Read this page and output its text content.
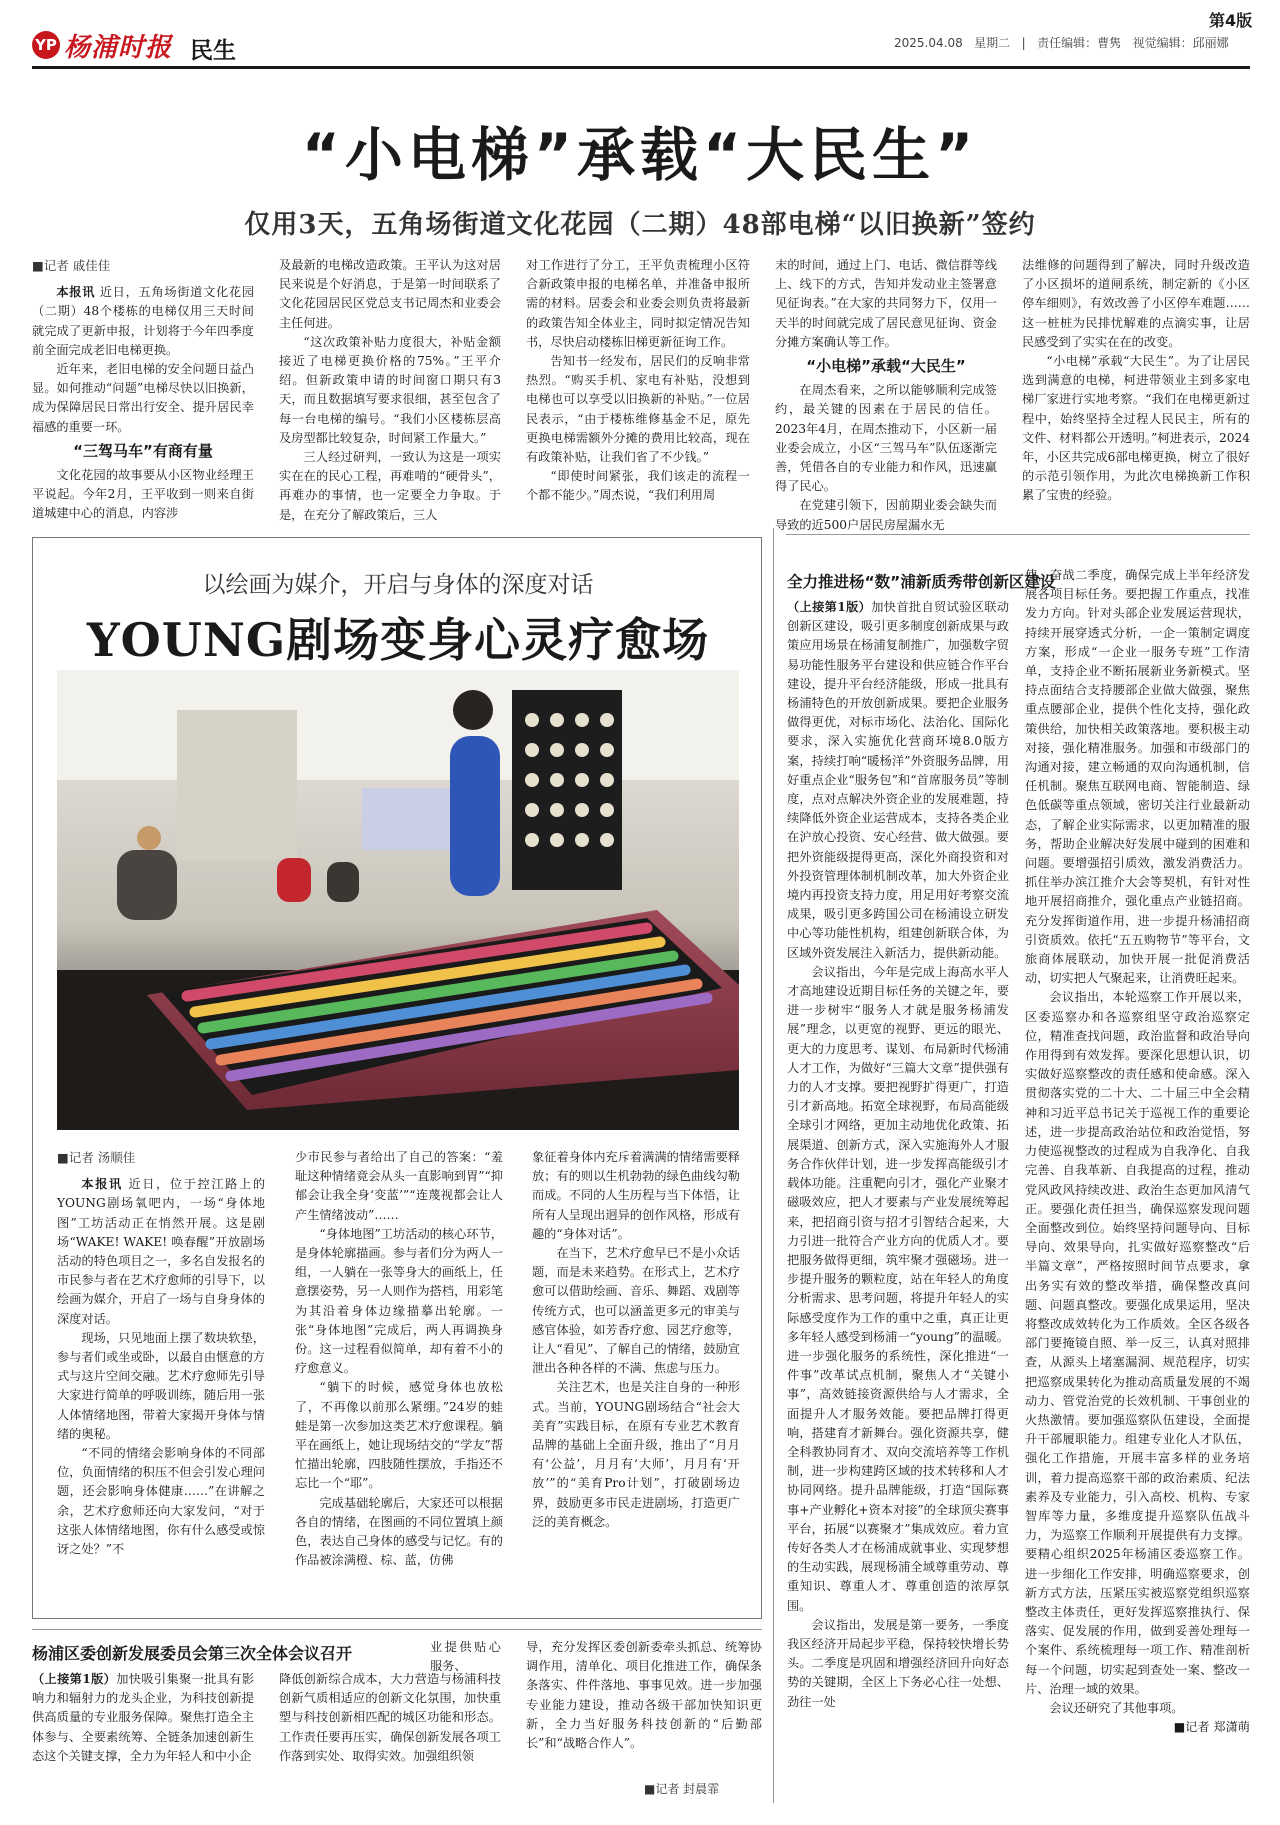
YP 杨浦时报 民生
第4版
2025.04.08 星期二 | 责任编辑：曹隽 视觉编辑：邱丽娜
“小电梯”承载“大民生”
仅用3天，五角场街道文化花园（二期）48部电梯“以旧换新”签约
■记者 戚佳佳

本报讯 近日，五角场街道文化花园（二期）48个楼栋的电梯仅用三天时间就完成了更新申报，计划将于今年四季度前全面完成老旧电梯更换。

近年来，老旧电梯的安全问题日益凸显。如何推动“问题”电梯尽快以旧换新，成为保障居民日常出行安全、提升居民幸福感的重要一环。

“三驾马车”有商有量

文化花园的故事要从小区物业经理王平说起。今年2月，王平收到一则来自街道城建中心的消息，内容涉

及最新的电梯改造政策。王平认为这对居民来说是个好消息，于是第一时间联系了文化花园居民区党总支书记周杰和业委会主任何进。

“这次政策补贴力度很大，补贴金额接近了电梯更换价格的75%。”王平介绍。但新政策申请的时间窗口期只有3天，而且数据填写要求很细，甚至包含了每一台电梯的编号。“我们小区楼栋层高及房型都比较复杂，时间紧工作量大。”

三人经过研判，一致认为这是一项实实在在的民心工程，再难啃的“硬骨头”，再难办的事情，也一定要全力争取。于是，在充分了解政策后，三人

对工作进行了分工，王平负责梳理小区符合新政策申报的电梯名单，并准备申报所需的材料。居委会和业委会则负责将最新的政策告知全体业主，同时拟定情况告知书，尽快启动楼栋旧梯更新征询工作。

告知书一经发布，居民们的反响非常热烈。“购买手机、家电有补贴，没想到电梯也可以享受以旧换新的补贴。”一位居民表示，“由于楼栋维修基金不足，原先更换电梯需额外分摊的费用比较高，现在有政策补贴，让我们省了不少钱。”

“即使时间紧张，我们该走的流程一个都不能少。”周杰说，“我们利用周

末的时间，通过上门、电话、微信群等线上、线下的方式，告知并发动业主签署意见征询表。”在大家的共同努力下，仅用一天半的时间就完成了居民意见征询、资金分摊方案确认等工作。

“小电梯”承载“大民生”

在周杰看来，之所以能够顺利完成签约，最关键的因素在于居民的信任。2023年4月，在周杰推动下，小区新一届业委会成立，小区“三驾马车”队伍逐渐完善，凭借各自的专业能力和作风，迅速赢得了民心。

在党建引领下，因前期业委会缺失而导致的近500户居民房屋漏水无

法维修的问题得到了解决，同时升级改造了小区损坏的道闸系统，制定新的《小区停车细则》，有效改善了小区停车难题……这一桩桩为民排忧解难的点滴实事，让居民感受到了实实在在的改变。

“小电梯”承载“大民生”。为了让居民选到满意的电梯，柯进带领业主到多家电梯厂家进行实地考察。“我们在电梯更新过程中，始终坚持全过程人民民主，所有的文件、材料都公开透明。”柯进表示，2024年，小区共完成6部电梯更换，树立了很好的示范引领作用，为此次电梯换新工作积累了宝贵的经验。

以绘画为媒介，开启与身体的深度对话
YOUNG剧场变身心灵疗愈场
■记者 汤顺佳

本报讯 近日，位于控江路上的YOUNG剧场氧吧内，一场“身体地图”工坊活动正在悄然开展。这是剧场“WAKE! WAKE! 唤春醒”开放剧场活动的特色项目之一，多名自发报名的市民参与者在艺术疗愈师的引导下，以绘画为媒介，开启了一场与自身身体的深度对话。

现场，只见地面上摆了数块软垫，参与者们或坐或卧，以最自由惬意的方式与这片空间交融。艺术疗愈师先引导大家进行简单的呼吸训练，随后用一张人体情绪地图，带着大家揭开身体与情绪的奥秘。

“不同的情绪会影响身体的不同部位，负面情绪的积压不但会引发心理问题，还会影响身体健康……”在讲解之余，艺术疗愈师还向大家发问，“对于这张人体情绪地图，你有什么感受或惊讶之处？”不

少市民参与者给出了自己的答案：“羞耻这种情绪竟会从头一直影响到胃”“抑郁会让我全身‘变蓝’”“连蔑视都会让人产生情绪波动”……

“身体地图”工坊活动的核心环节，是身体轮廓描画。参与者们分为两人一组，一人躺在一张等身大的画纸上，任意摆姿势，另一人则作为搭档，用彩笔为其沿着身体边缘描摹出轮廓。一张“身体地图”完成后，两人再调换身份。这一过程看似简单，却有着不小的疗愈意义。

“躺下的时候，感觉身体也放松了，不再像以前那么紧绷。”24岁的蛙蛙是第一次参加这类艺术疗愈课程。躺平在画纸上，她让现场结交的“学友”帮忙描出轮廓，四肢随性摆放，手指还不忘比一个“耶”。

完成基础轮廓后，大家还可以根据各自的情绪，在图画的不同位置填上颜色，表达自己身体的感受与记忆。有的作品被涂满橙、棕、蓝，仿佛

象征着身体内充斥着满满的情绪需要释放；有的则以生机勃勃的绿色曲线勾勒而成。不同的人生历程与当下体悟，让所有人呈现出迥异的创作风格，形成有趣的“身体对话”。

在当下，艺术疗愈早已不是小众话题，而是未来趋势。在形式上，艺术疗愈可以借助绘画、音乐、舞蹈、戏剧等传统方式，也可以涵盖更多元的审美与感官体验，如芳香疗愈、园艺疗愈等，让人“看见”、了解自己的情绪，鼓励宣泄出各种各样的不满、焦虑与压力。

关注艺术，也是关注自身的一种形式。当前，YOUNG剧场结合“社会大美育”实践目标，在原有专业艺术教育品牌的基础上全面升级，推出了“月月有‘公益’，月月有‘大师’，月月有‘开放’”的“美育Pro计划”，打破剧场边界，鼓励更多市民走进剧场，打造更广泛的美育概念。

全力推进杨“数”浦新质秀带创新区建设

（上接第1版）加快首批自贸试验区联动创新区建设，吸引更多制度创新成果与政策应用场景在杨浦复制推广，加强数字贸易功能性服务平台建设和供应链合作平台建设，提升平台经济能级，形成一批具有杨浦特色的开放创新成果。要把企业服务做得更优，对标市场化、法治化、国际化要求，深入实施优化营商环境8.0版方案，持续打响“暖杨洋”外资服务品牌，用好重点企业“服务包”和“首席服务员”等制度，点对点解决外资企业的发展难题，持续降低外资企业运营成本，支持各类企业在沪放心投资、安心经营、做大做强。要把外资能级提得更高，深化外商投资和对外投资管理体制机制改革，加大外资企业境内再投资支持力度，用足用好考察交流成果，吸引更多跨国公司在杨浦设立研发中心等功能性机构，组建创新联合体，为区域外资发展注入新活力，提供新动能。

会议指出，今年是完成上海高水平人才高地建设近期目标任务的关键之年，要进一步树牢“服务人才就是服务杨浦发展”理念，以更宽的视野、更远的眼光、更大的力度思考、谋划、布局新时代杨浦人才工作，为做好“三篇大文章”提供强有力的人才支撑。要把视野扩得更广，打造引才新高地。拓宽全球视野，布局高能级全球引才网络，更加主动地优化政策、拓展渠道、创新方式，深入实施海外人才服务合作伙伴计划，进一步发挥高能级引才载体功能。注重靶向引才，强化产业聚才磁吸效应，把人才要素与产业发展统筹起来，把招商引资与招才引智结合起来，大力引进一批符合产业方向的优质人才。要把服务做得更细，筑牢聚才强磁场。进一步提升服务的颗粒度，站在年轻人的角度分析需求、思考问题，将提升年轻人的实际感受度作为工作的重中之重，真正让更多年轻人感受到杨浦一“young”的温暖。进一步强化服务的系统性，深化推进“一件事”改革试点机制，聚焦人才“关键小事”，高效链接资源供给与人才需求，全面提升人才服务效能。要把品牌打得更响，搭建育才新舞台。强化资源共享，健全科教协同育才、双向交流培养等工作机制，进一步构建跨区域的技术转移和人才协同网络。提升品牌能级，打造“国际赛事+产业孵化+资本对接”的全球顶尖赛事平台，拓展“以赛聚才”集成效应。着力宣传好各类人才在杨浦成就事业、实现梦想的生动实践，展现杨浦全域尊重劳动、尊重知识、尊重人才、尊重创造的浓厚氛围。

会议指出，发展是第一要务，一季度我区经济开局起步平稳，保持较快增长势头。二季度是巩固和增强经济回升向好态势的关键期，全区上下务必心往一处想、劲往一处

使，奋战二季度，确保完成上半年经济发展各项目标任务。要把握工作重点，找准发力方向。针对头部企业发展运营现状，持续开展穿透式分析，一企一策制定调度方案，形成“一企业一服务专班”工作清单，支持企业不断拓展新业务新模式。坚持点面结合支持腰部企业做大做强，聚焦重点腰部企业，提供个性化支持，强化政策供给，加快相关政策落地。要积极主动对接，强化精准服务。加强和市级部门的沟通对接，建立畅通的双向沟通机制，信任机制。聚焦互联网电商、智能制造、绿色低碳等重点领域，密切关注行业最新动态，了解企业实际需求，以更加精准的服务，帮助企业解决好发展中碰到的困难和问题。要增强招引质效，激发消费活力。抓住举办滨江推介大会等契机，有针对性地开展招商推介，强化重点产业链招商。充分发挥街道作用，进一步提升杨浦招商引资质效。依托“五五购物节”等平台，文旅商体展联动，加快开展一批促消费活动，切实把人气聚起来，让消费旺起来。

会议指出，本轮巡察工作开展以来，区委巡察办和各巡察组坚守政治巡察定位，精准查找问题，政治监督和政治导向作用得到有效发挥。要深化思想认识，切实做好巡察整改的责任感和使命感。深入贯彻落实党的二十大、二十届三中全会精神和习近平总书记关于巡视工作的重要论述，进一步提高政治站位和政治觉悟，努力使巡视整改的过程成为自我净化、自我完善、自我革新、自我提高的过程，推动党风政风持续改进、政治生态更加风清气正。要强化责任担当，确保巡察发现问题全面整改到位。始终坚持问题导向、目标导向、效果导向，扎实做好巡察整改“后半篇文章”，严格按照时间节点要求，拿出务实有效的整改举措，确保整改真问题、问题真整改。要强化成果运用，坚决将整改成效转化为工作质效。全区各级各部门要掩镜自照、举一反三，认真对照排查，从源头上堵塞漏洞、规范程序，切实把巡察成果转化为推动高质量发展的不竭动力、管党治党的长效机制、干事创业的火热激情。要加强巡察队伍建设，全面提升干部履职能力。组建专业化人才队伍，强化工作措施，开展丰富多样的业务培训，着力提高巡察干部的政治素质、纪法素养及专业能力，引入高校、机构、专家智库等力量，多维度提升巡察队伍战斗力，为巡察工作顺利开展提供有力支撑。要精心组织2025年杨浦区委巡察工作。进一步细化工作安排，明确巡察要求，创新方式方法，压紧压实被巡察党组织巡察整改主体责任，更好发挥巡察推执行、保落实、促发展的作用，做到妥善处理每一个案件、系统梳理每一项工作、精准剖析每一个问题，切实起到查处一案、整改一片、治理一域的效果。

会议还研究了其他事项。

■记者 郑潇萌

杨浦区委创新发展委员会第三次全体会议召开

（上接第1版）加快吸引集聚一批具有影响力和辐射力的龙头企业，为科技创新提供高质量的专业服务保障。聚焦打造全主体参与、全要素统筹、全链条加速创新生态这个关键支撑，全力为年轻人和中小企

业提供贴心服务、

降低创新综合成本，大力营造与杨浦科技创新气质相适应的创新文化氛围，加快重塑与科技创新相匹配的城区功能和形态。工作责任要再压实，确保创新发展各项工作落到实处、取得实效。加强组织领

导，充分发挥区委创新委牵头抓总、统筹协调作用，清单化、项目化推进工作，确保条条落实、件件落地、事事见效。进一步加强专业能力建设，推动各级干部加快知识更新，全力当好服务科技创新的“后勤部长”和“战略合作人”。

■记者 封晨霏
